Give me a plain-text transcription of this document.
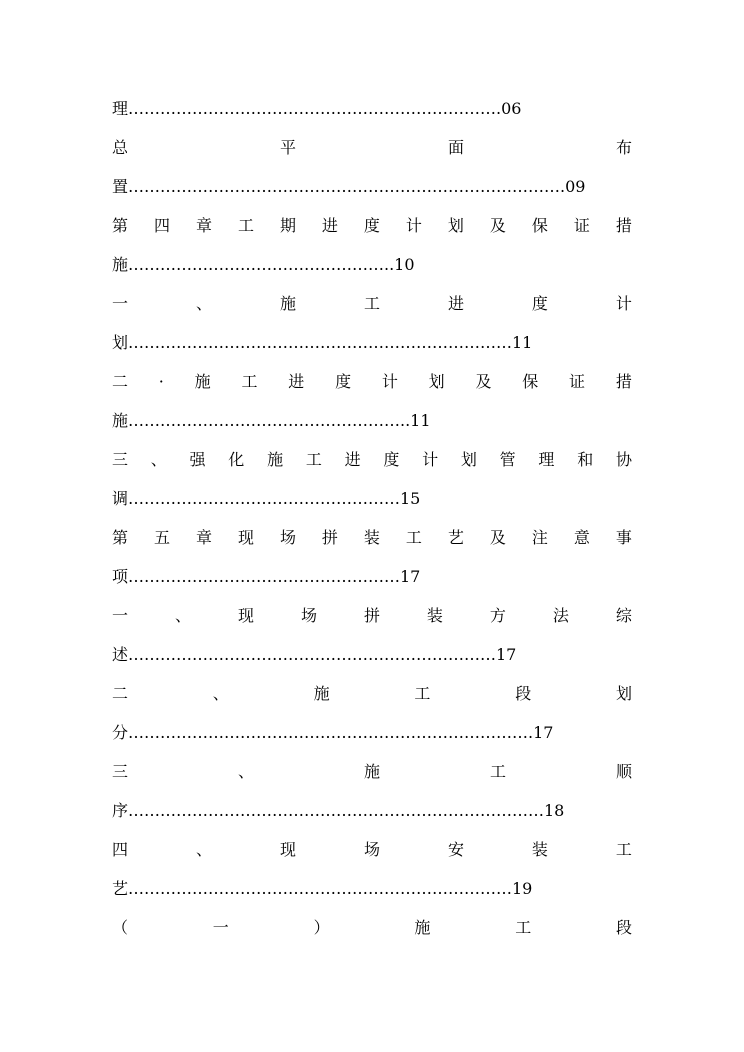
理…………………………………………………………….06
总	平	面	布
置……………………………………………………………………….09
第 四 章 工 期 进 度 计 划 及 保 证 措
施…………………………………………..10
一	、	施	工	进	度	计
划………………………………………………………………11
二 · 施 工 进 度 计 划 及 保 证 措
施……………………………………………..11
三 、 强 化 施 工 进 度 计 划 管 理 和 协
调……………………………………………15
第 五 章 现 场 拼 装 工 艺 及 注 意 事
项……………………………………………17
一	、	现	场	拼	装	方	法	综
述……………………………………………………………17
二	、	施	工	段	划
分………………………………………………………………….17
三	、	施	工	顺
序……………………………………………………………………18
四	、	现	场	安	装	工
艺………………………………………………………………19
（	一	）	施	工	段
